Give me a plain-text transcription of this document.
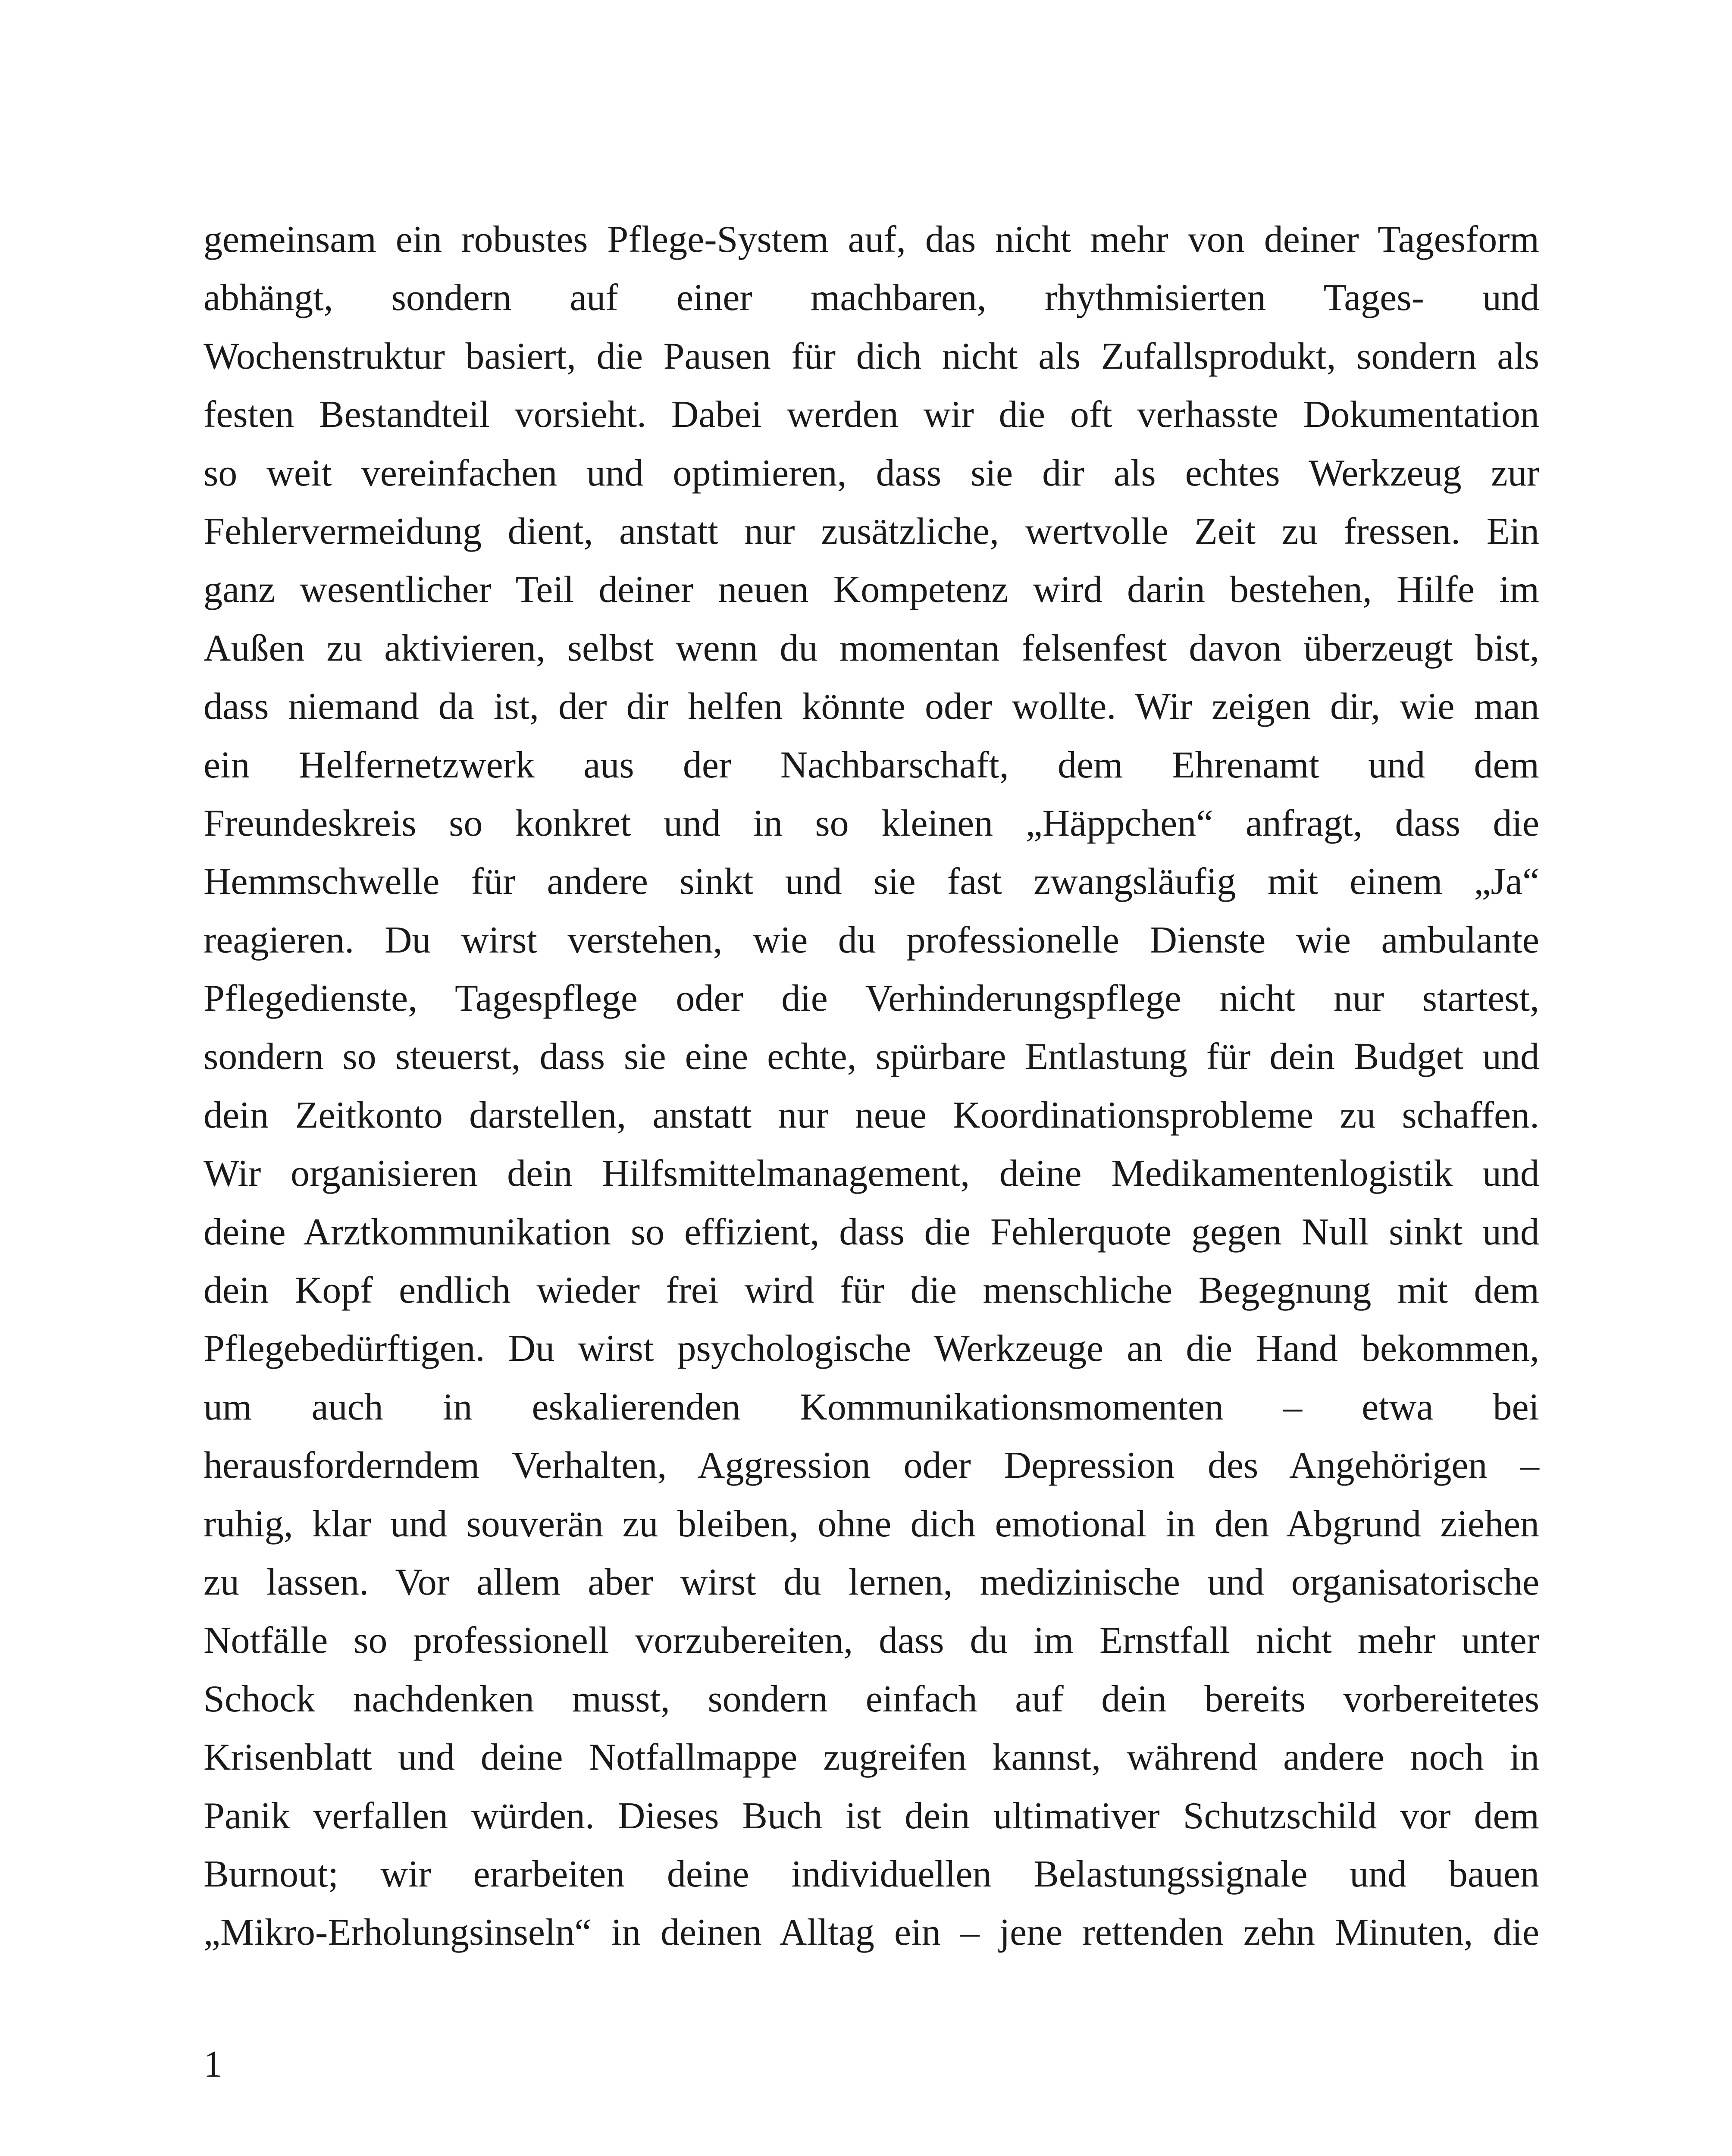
gemeinsam ein robustes Pflege-System auf, das nicht mehr von deiner Tagesform
abhängt, sondern auf einer machbaren, rhythmisierten Tages- und
Wochenstruktur basiert, die Pausen für dich nicht als Zufallsprodukt, sondern als
festen Bestandteil vorsieht. Dabei werden wir die oft verhasste Dokumentation
so weit vereinfachen und optimieren, dass sie dir als echtes Werkzeug zur
Fehlervermeidung dient, anstatt nur zusätzliche, wertvolle Zeit zu fressen. Ein
ganz wesentlicher Teil deiner neuen Kompetenz wird darin bestehen, Hilfe im
Außen zu aktivieren, selbst wenn du momentan felsenfest davon überzeugt bist,
dass niemand da ist, der dir helfen könnte oder wollte. Wir zeigen dir, wie man
ein Helfernetzwerk aus der Nachbarschaft, dem Ehrenamt und dem
Freundeskreis so konkret und in so kleinen „Häppchen“ anfragt, dass die
Hemmschwelle für andere sinkt und sie fast zwangsläufig mit einem „Ja“
reagieren. Du wirst verstehen, wie du professionelle Dienste wie ambulante
Pflegedienste, Tagespflege oder die Verhinderungspflege nicht nur startest,
sondern so steuerst, dass sie eine echte, spürbare Entlastung für dein Budget und
dein Zeitkonto darstellen, anstatt nur neue Koordinationsprobleme zu schaffen.
Wir organisieren dein Hilfsmittelmanagement, deine Medikamentenlogistik und
deine Arztkommunikation so effizient, dass die Fehlerquote gegen Null sinkt und
dein Kopf endlich wieder frei wird für die menschliche Begegnung mit dem
Pflegebedürftigen. Du wirst psychologische Werkzeuge an die Hand bekommen,
um auch in eskalierenden Kommunikationsmomenten – etwa bei
herausforderndem Verhalten, Aggression oder Depression des Angehörigen –
ruhig, klar und souverän zu bleiben, ohne dich emotional in den Abgrund ziehen
zu lassen. Vor allem aber wirst du lernen, medizinische und organisatorische
Notfälle so professionell vorzubereiten, dass du im Ernstfall nicht mehr unter
Schock nachdenken musst, sondern einfach auf dein bereits vorbereitetes
Krisenblatt und deine Notfallmappe zugreifen kannst, während andere noch in
Panik verfallen würden. Dieses Buch ist dein ultimativer Schutzschild vor dem
Burnout; wir erarbeiten deine individuellen Belastungssignale und bauen
„Mikro-Erholungsinseln“ in deinen Alltag ein – jene rettenden zehn Minuten, die
1
